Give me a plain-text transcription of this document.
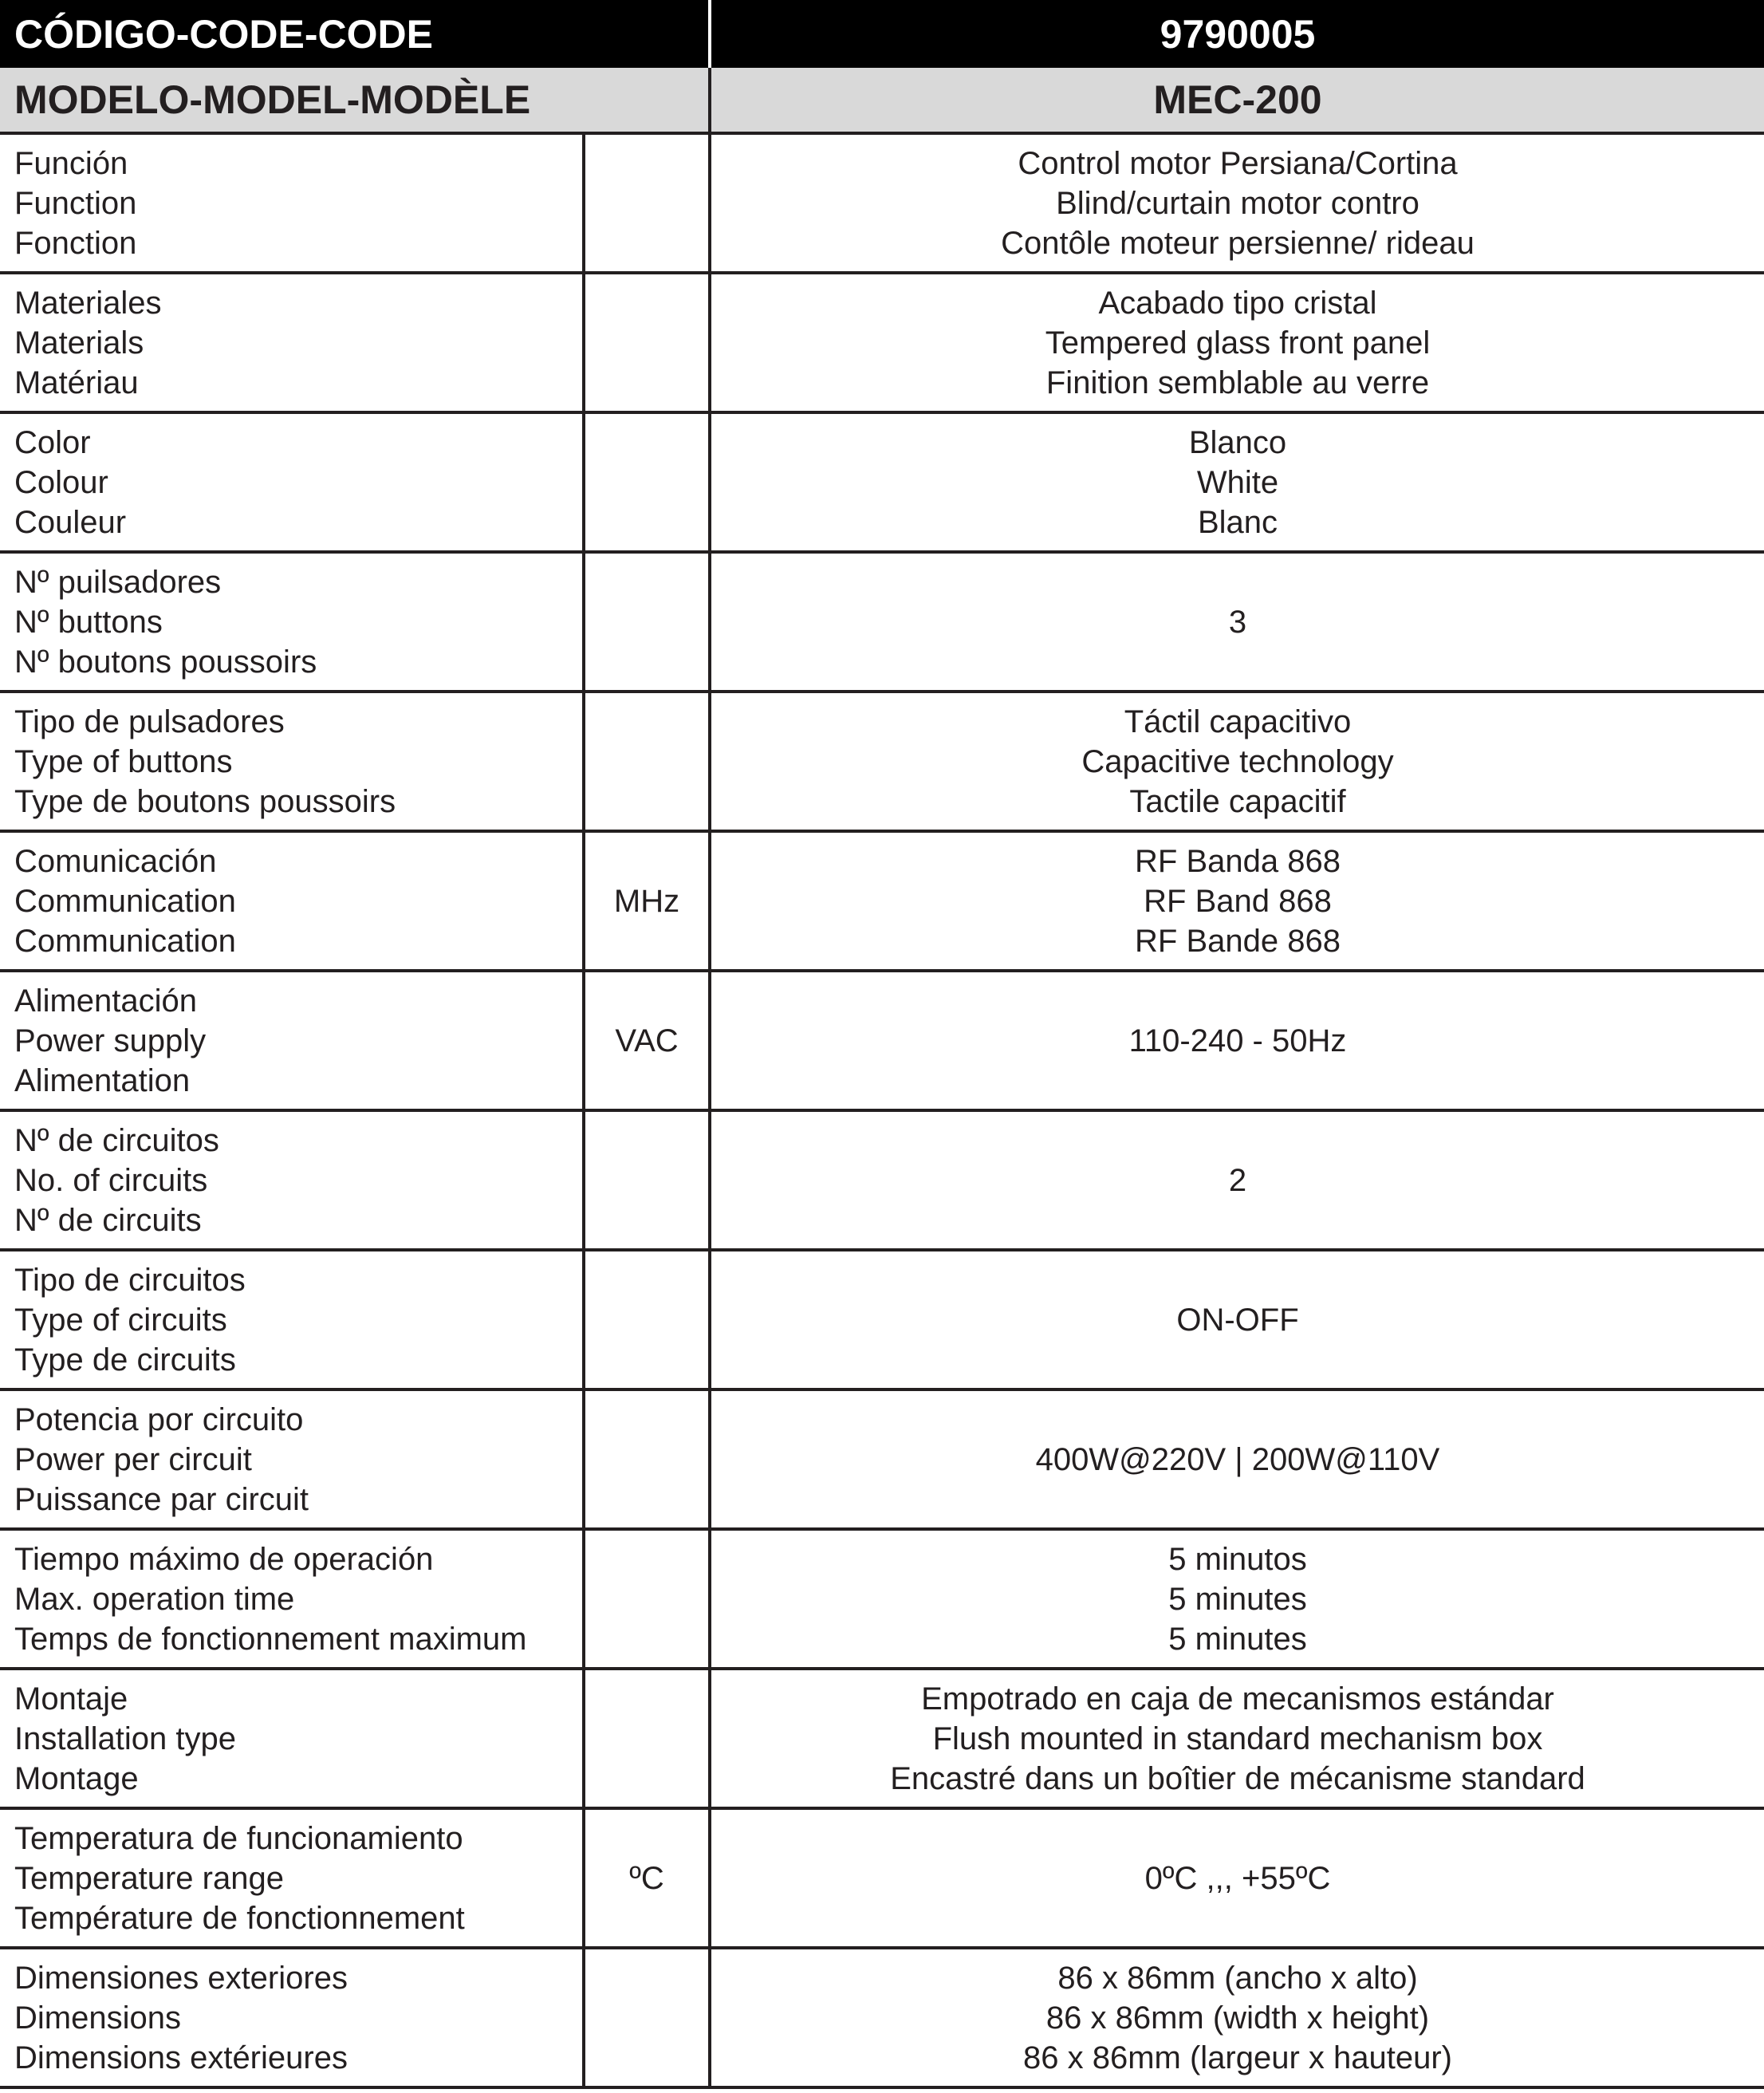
CÓDIGO-CODE-CODE		9790005
MODELO-MODEL-MODÈLE		MEC-200

Función
Function
Fonction		Control motor Persiana/Cortina
Blind/curtain motor contro
Contôle moteur persienne/ rideau

Materiales
Materials
Matériau		Acabado tipo cristal
Tempered glass front panel
Finition semblable au verre

Color
Colour
Couleur		Blanco
White
Blanc

Nº puilsadores
Nº buttons
Nº boutons poussoirs		3

Tipo de pulsadores
Type of buttons
Type de boutons poussoirs		Táctil capacitivo
Capacitive technology
Tactile capacitif

Comunicación
Communication
Communication	MHz	RF Banda 868
RF Band 868
RF Bande 868

Alimentación
Power supply
Alimentation	VAC	110-240 - 50Hz

Nº de circuitos
No. of circuits
Nº de circuits		2

Tipo de circuitos
Type of circuits
Type de circuits		ON-OFF

Potencia por circuito
Power per circuit
Puissance par circuit		400W@220V | 200W@110V

Tiempo máximo de operación
Max. operation time
Temps de fonctionnement maximum		5 minutos
5 minutes
5 minutes

Montaje
Installation type
Montage		Empotrado en caja de mecanismos estándar
Flush mounted in standard mechanism box
Encastré dans un boîtier de mécanisme standard

Temperatura de funcionamiento
Temperature range
Température de fonctionnement	ºC	0ºC ,,, +55ºC

Dimensiones exteriores
Dimensions
Dimensions extérieures		86 x 86mm (ancho x alto)
86 x 86mm (width x height)
86 x 86mm (largeur x hauteur)
